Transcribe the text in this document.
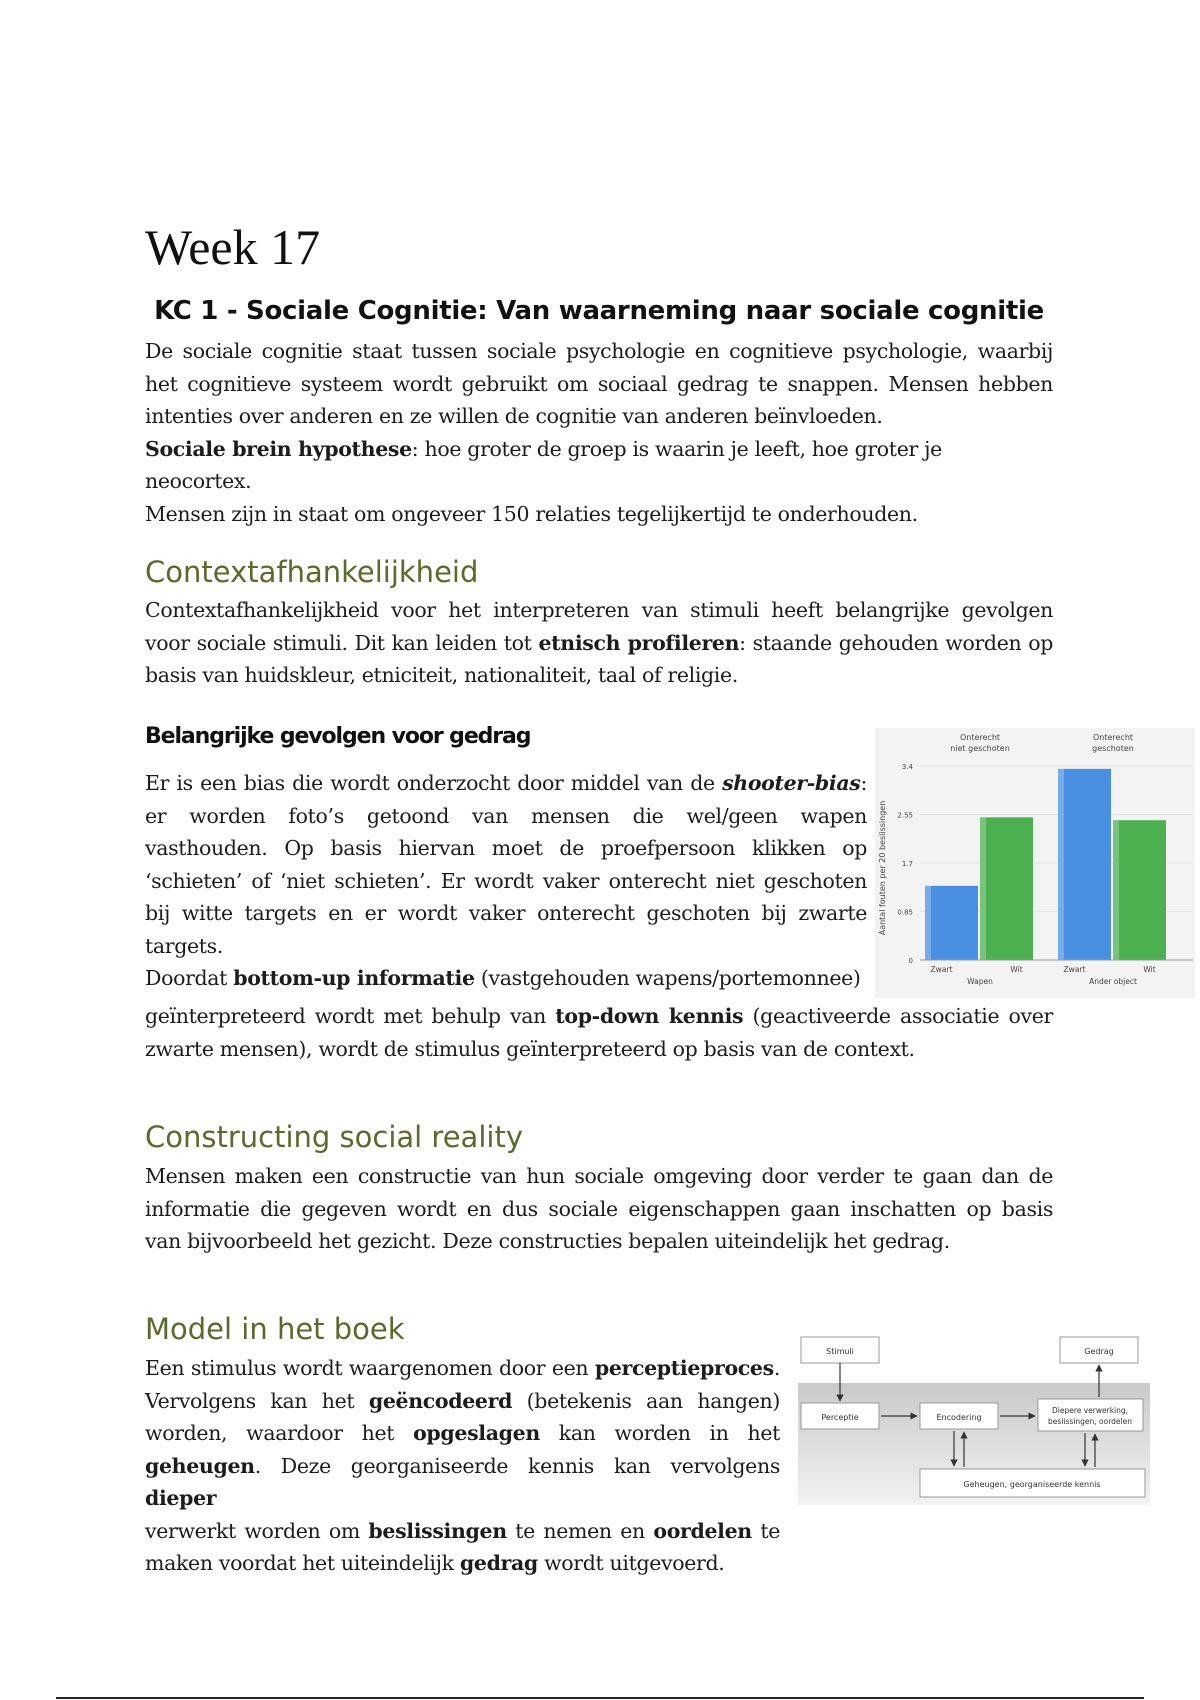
Week 17
KC 1 - Sociale Cognitie: Van waarneming naar sociale cognitie
De sociale cognitie staat tussen sociale psychologie en cognitieve psychologie, waarbij
het cognitieve systeem wordt gebruikt om sociaal gedrag te snappen. Mensen hebben
intenties over anderen en ze willen de cognitie van anderen beïnvloeden.
Sociale brein hypothese: hoe groter de groep is waarin je leeft, hoe groter je neocortex.
Mensen zijn in staat om ongeveer 150 relaties tegelijkertijd te onderhouden.
Contextafhankelijkheid
Contextafhankelijkheid voor het interpreteren van stimuli heeft belangrijke gevolgen
voor sociale stimuli. Dit kan leiden tot etnisch profileren: staande gehouden worden op
basis van huidskleur, etniciteit, nationaliteit, taal of religie.
Belangrijke gevolgen voor gedrag
Er is een bias die wordt onderzocht door middel van de shooter-bias:
er worden foto’s getoond van mensen die wel/geen wapen
vasthouden. Op basis hiervan moet de proefpersoon klikken op
‘schieten’ of ‘niet schieten’. Er wordt vaker onterecht niet geschoten
bij witte targets en er wordt vaker onterecht geschoten bij zwarte
targets.
Doordat bottom-up informatie (vastgehouden wapens/portemonnee)
geïnterpreteerd wordt met behulp van top-down kennis (geactiveerde associatie over
zwarte mensen), wordt de stimulus geïnterpreteerd op basis van de context.
Aantal fouten per 20 beslissingen
0
0.85
1.7
2.55
3.4
Onterecht
niet geschoten
Onterecht
geschoten
Zwart	Wit
Wapen
Zwart	Wit
Ander object
Constructing social reality
Mensen maken een constructie van hun sociale omgeving door verder te gaan dan de
informatie die gegeven wordt en dus sociale eigenschappen gaan inschatten op basis
van bijvoorbeeld het gezicht. Deze constructies bepalen uiteindelijk het gedrag.
Model in het boek
Een stimulus wordt waargenomen door een perceptieproces.
Vervolgens kan het geëncodeerd (betekenis aan hangen)
worden, waardoor het opgeslagen kan worden in het
geheugen. Deze georganiseerde kennis kan vervolgens dieper
verwerkt worden om beslissingen te nemen en oordelen te
maken voordat het uiteindelijk gedrag wordt uitgevoerd.
Stimuli	Gedrag
Perceptie	Encodering
Diepere verwerking,
beslissingen, oordelen
Geheugen, georganiseerde kennis
